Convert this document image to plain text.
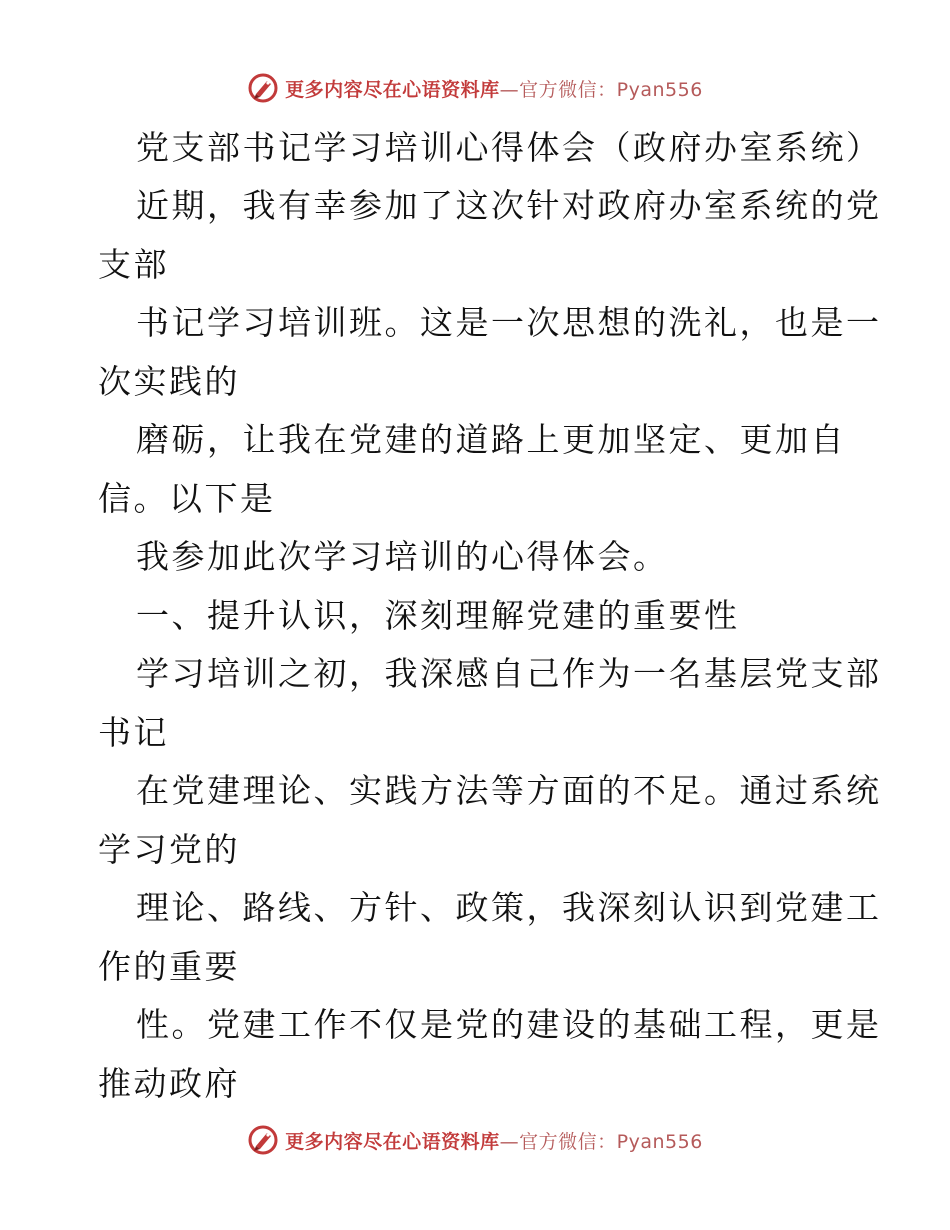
更多内容尽在心语资料库—官方微信：Pyan556
党支部书记学习培训心得体会（政府办室系统）
近期，我有幸参加了这次针对政府办室系统的党
支部
书记学习培训班。这是一次思想的洗礼，也是一
次实践的
磨砺，让我在党建的道路上更加坚定、更加自
信。以下是
我参加此次学习培训的心得体会。
一、提升认识，深刻理解党建的重要性
学习培训之初，我深感自己作为一名基层党支部
书记
在党建理论、实践方法等方面的不足。通过系统
学习党的
理论、路线、方针、政策，我深刻认识到党建工
作的重要
性。党建工作不仅是党的建设的基础工程，更是
推动政府
更多内容尽在心语资料库—官方微信：Pyan556
